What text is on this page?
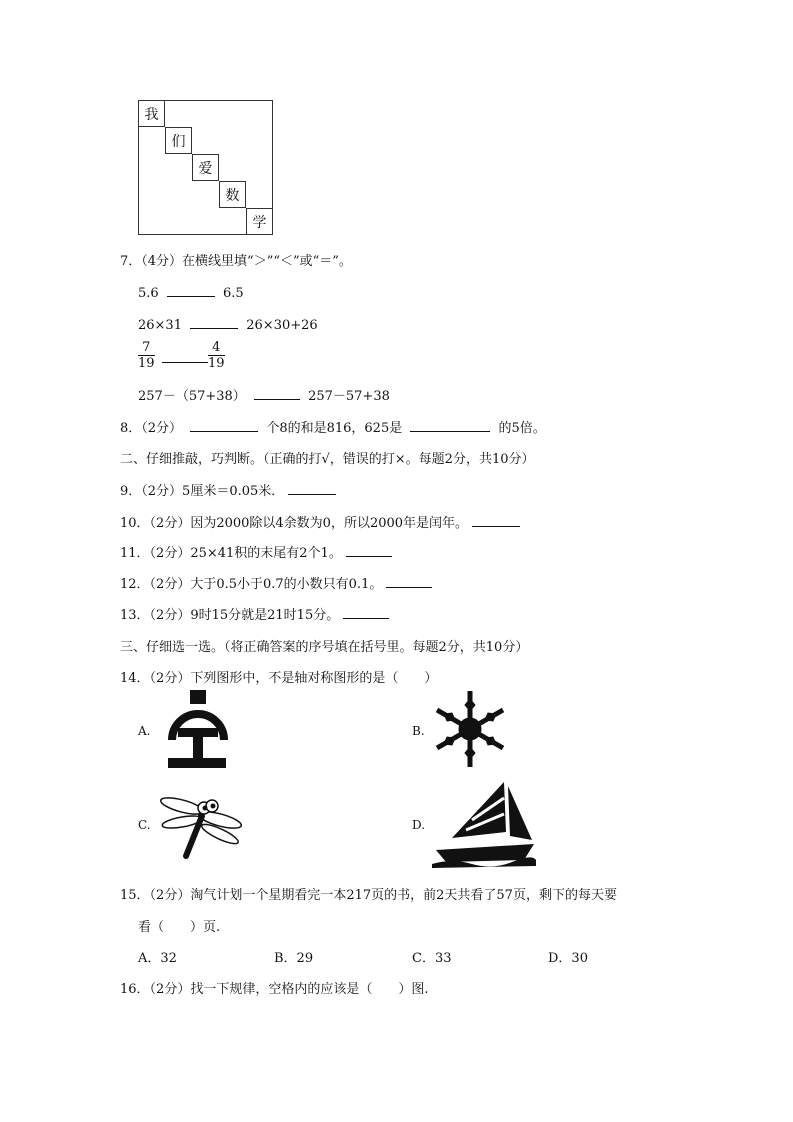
我
们
爱
数
学
7．（4分）在横线里填“＞”“＜”或“＝”。
5.6	6.5
26×31	26×30+26
$\frac{7}{19}$	$\frac{4}{19}$
257－（57+38）	257－57+38
8．（2分）	个8的和是816，625是	的5倍。
二、仔细推敲，巧判断。（正确的打√，错误的打×。每题2分，共10分）
9．（2分）5厘米＝0.05米．
10．（2分）因为2000除以4余数为0，所以2000年是闰年。
11．（2分）25×41积的末尾有2个1。
12．（2分）大于0.5小于0.7的小数只有0.1。
13．（2分）9时15分就是21时15分。
三、仔细选一选。（将正确答案的序号填在括号里。每题2分，共10分）
14．（2分）下列图形中，不是轴对称图形的是（　　）
A.	B.
C.	D.
15．（2分）淘气计划一个星期看完一本217页的书，前2天共看了57页，剩下的每天要
看（　　）页.
A．32	B．29	C．33	D．30
16．（2分）找一下规律，空格内的应该是（　　）图.
